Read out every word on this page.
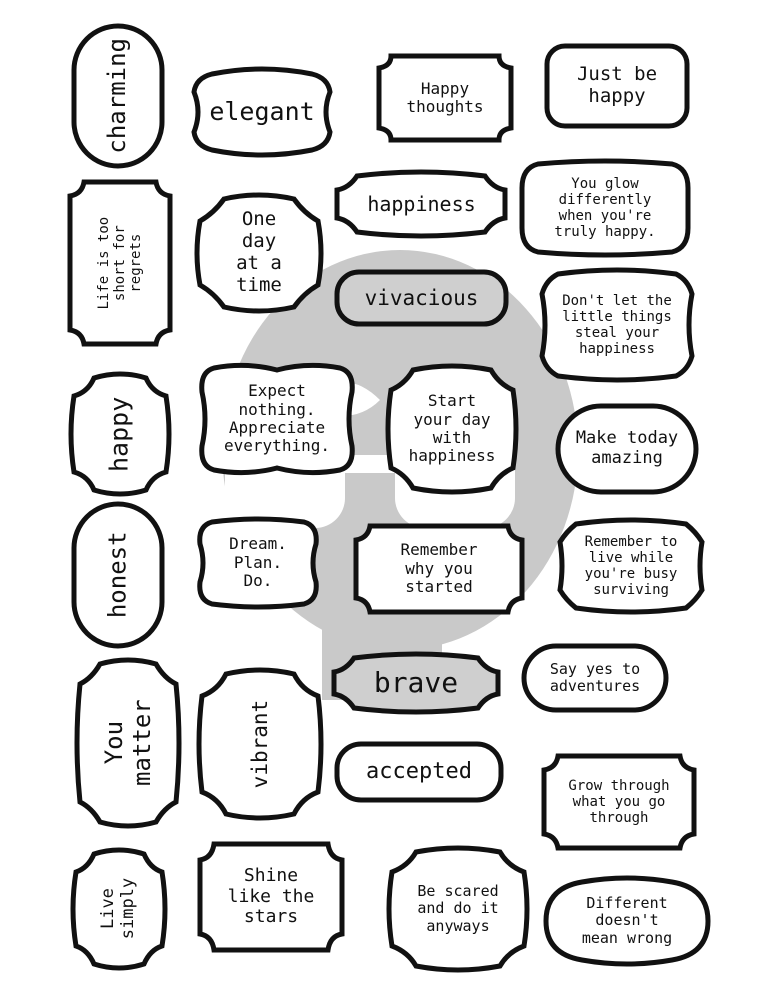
charming	elegant
Happy
thoughts
Just be
happy
happiness
You glow
differently
when you're
truly happy.
Life is too
short for
regrets
One
day
at a
time
vivacious	Don't let the
little things
steal your
happiness
happy
Expect
nothing.
Appreciate
everything.
Start
your day
with
happiness
Make today
amazing
honest	Dream.
Plan.
Do.
Remember
why you
started
Remember to
live while
you're busy
surviving
You
matter	vibrant
brave	Say yes to
adventures
accepted
Grow through
what you go
through
Live
simply
Shine
like the
stars
Be scared
and do it
anyways
Different
doesn't
mean wrong
